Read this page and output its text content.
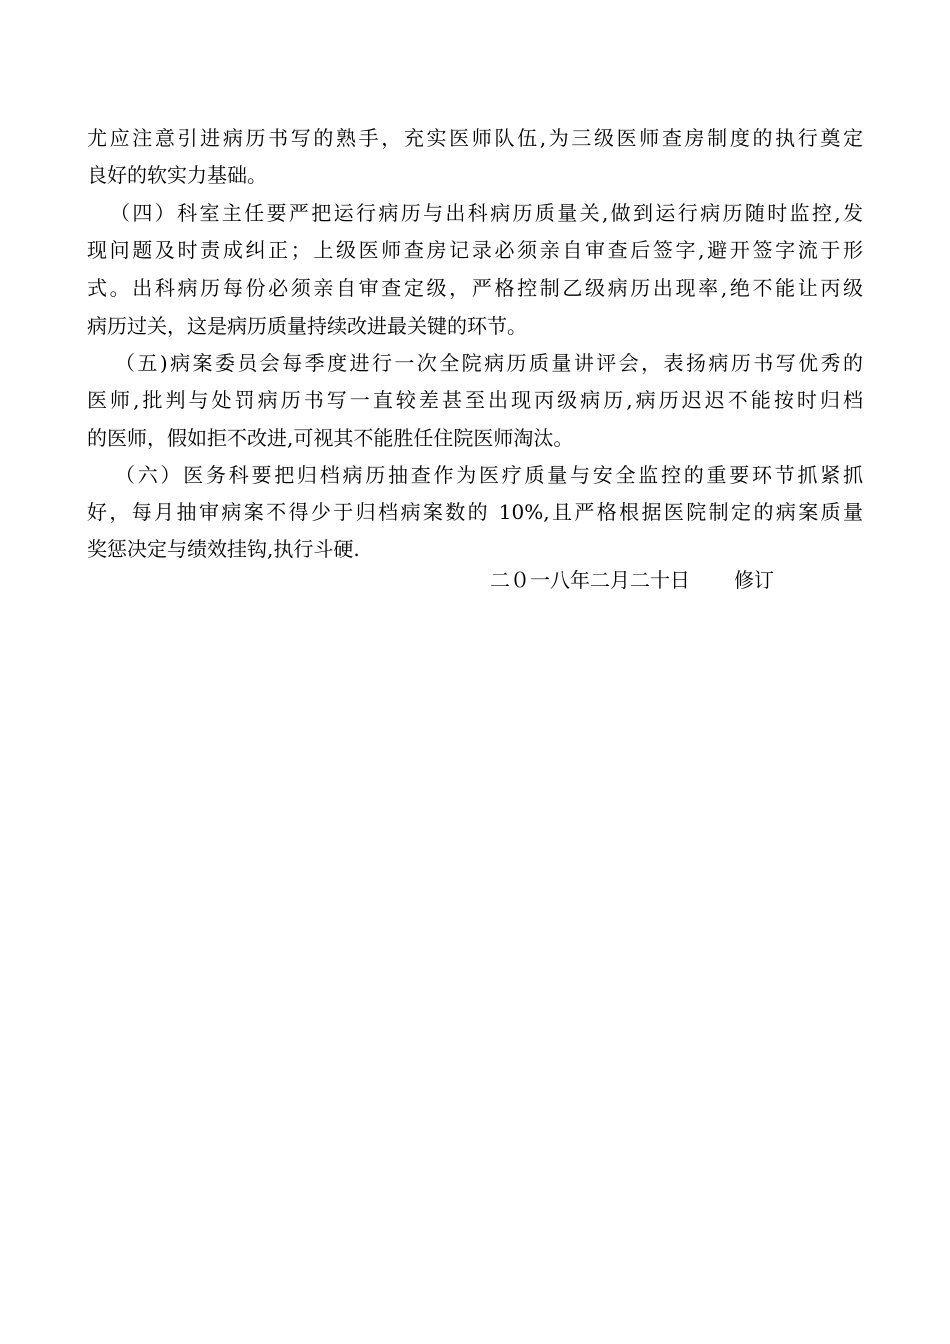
尤应注意引进病历书写的熟手，充实医师队伍,为三级医师查房制度的执行奠定
良好的软实力基础。
（四）科室主任要严把运行病历与出科病历质量关,做到运行病历随时监控,发
现问题及时责成纠正；上级医师查房记录必须亲自审查后签字,避开签字流于形
式。出科病历每份必须亲自审查定级，严格控制乙级病历出现率,绝不能让丙级
病历过关，这是病历质量持续改进最关键的环节。
（五)病案委员会每季度进行一次全院病历质量讲评会，表扬病历书写优秀的
医师,批判与处罚病历书写一直较差甚至出现丙级病历,病历迟迟不能按时归档
的医师，假如拒不改进,可视其不能胜任住院医师淘汰。
（六）医务科要把归档病历抽查作为医疗质量与安全监控的重要环节抓紧抓
好，每月抽审病案不得少于归档病案数的 10%,且严格根据医院制定的病案质量
奖惩决定与绩效挂钩,执行斗硬.
二０一八年二月二十日 修订
